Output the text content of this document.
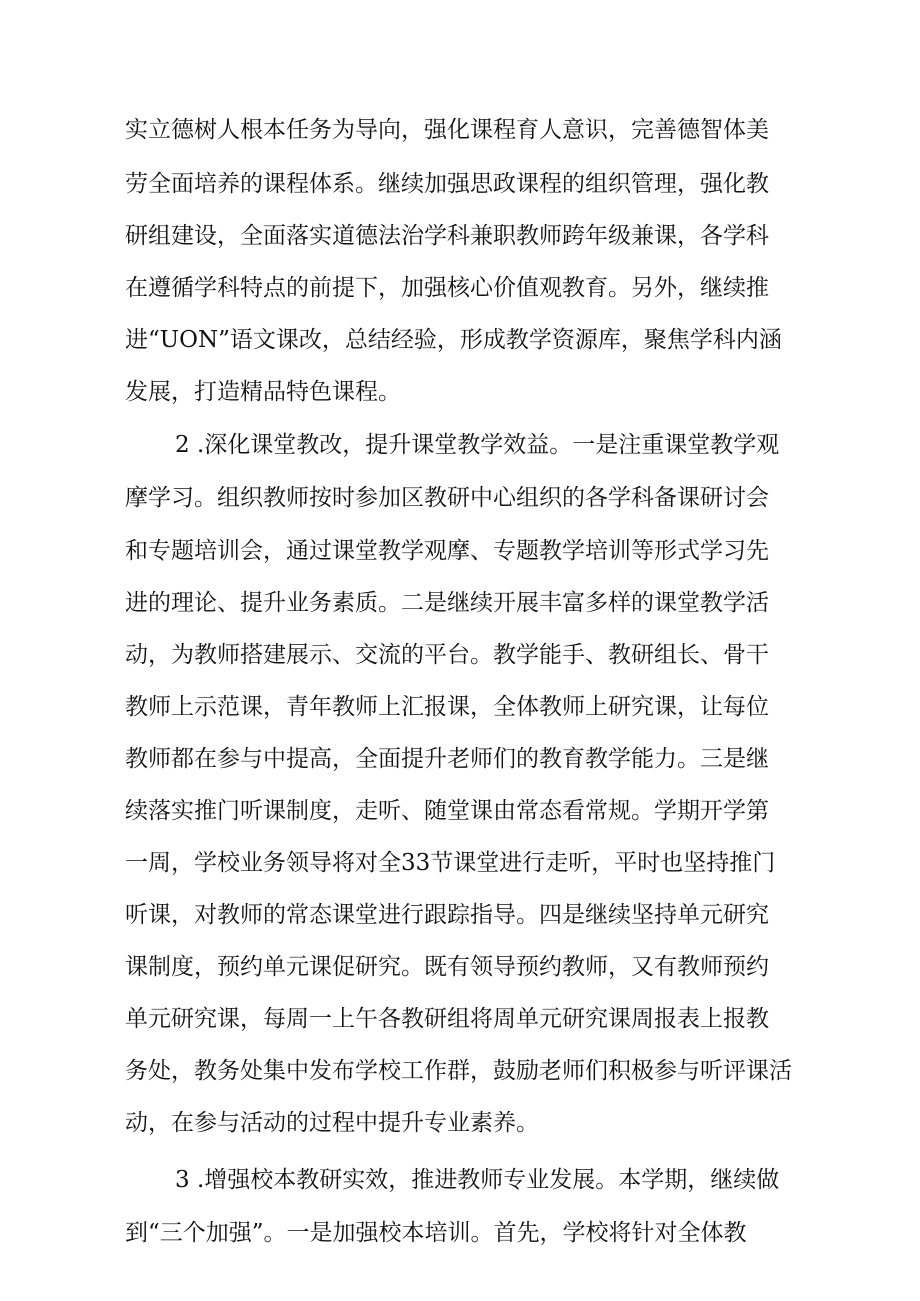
实立德树人根本任务为导向，强化课程育人意识，完善德智体美
劳全面培养的课程体系。继续加强思政课程的组织管理，强化教
研组建设，全面落实道德法治学科兼职教师跨年级兼课，各学科
在遵循学科特点的前提下，加强核心价值观教育。另外，继续推
进“UON”语文课改，总结经验，形成教学资源库，聚焦学科内涵
发展，打造精品特色课程。
2 .深化课堂教改，提升课堂教学效益。一是注重课堂教学观
摩学习。组织教师按时参加区教研中心组织的各学科备课研讨会
和专题培训会，通过课堂教学观摩、专题教学培训等形式学习先
进的理论、提升业务素质。二是继续开展丰富多样的课堂教学活
动，为教师搭建展示、交流的平台。教学能手、教研组长、骨干
教师上示范课，青年教师上汇报课，全体教师上研究课，让每位
教师都在参与中提高，全面提升老师们的教育教学能力。三是继
续落实推门听课制度，走听、随堂课由常态看常规。学期开学第
一周，学校业务领导将对全33节课堂进行走听，平时也坚持推门
听课，对教师的常态课堂进行跟踪指导。四是继续坚持单元研究
课制度，预约单元课促研究。既有领导预约教师，又有教师预约
单元研究课，每周一上午各教研组将周单元研究课周报表上报教
务处，教务处集中发布学校工作群，鼓励老师们积极参与听评课活
动，在参与活动的过程中提升专业素养。
3 .增强校本教研实效，推进教师专业发展。本学期，继续做
到“三个加强”。一是加强校本培训。首先，学校将针对全体教
